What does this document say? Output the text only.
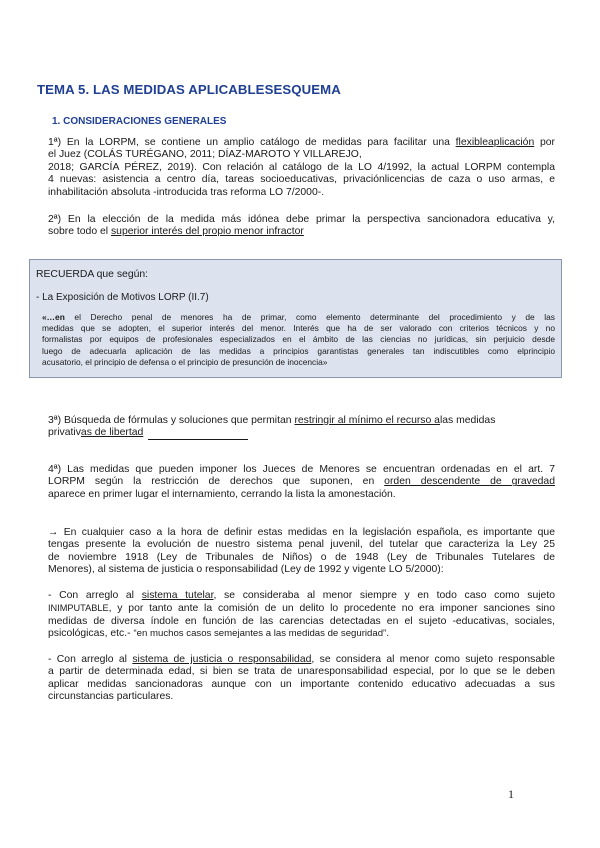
TEMA 5. LAS MEDIDAS APLICABLESESQUEMA
1. CONSIDERACIONES GENERALES
1ª) En la LORPM, se contiene un amplio catálogo de medidas para facilitar una flexibleaplicación por
el Juez (COLÁS TURÉGANO, 2011; DÍAZ-MAROTO Y VILLAREJO,
2018; GARCÍA PÉREZ, 2019). Con relación al catálogo de la LO 4/1992, la actual LORPM contempla
4 nuevas: asistencia a centro día, tareas socioeducativas, privaciónlicencias de caza o uso armas, e
inhabilitación absoluta -introducida tras reforma LO 7/2000-.
2ª) En la elección de la medida más idónea debe primar la perspectiva sancionadora educativa y,
sobre todo el superior interés del propio menor infractor
RECUERDA que según:
- La Exposición de Motivos LORP (II.7)
«…en el Derecho penal de menores ha de primar, como elemento determinante del procedimiento y de las
medidas que se adopten, el superior interés del menor. Interés que ha de ser valorado con criterios técnicos y no
formalistas por equipos de profesionales especializados en el ámbito de las ciencias no jurídicas, sin perjuicio desde
luego de adecuarla aplicación de las medidas a principios garantistas generales tan indiscutibles como elprincipio
acusatorio, el principio de defensa o el principio de presunción de inocencia»
3ª) Búsqueda de fórmulas y soluciones que permitan restringir al mínimo el recurso alas medidas
privativas de libertad
4ª) Las medidas que pueden imponer los Jueces de Menores se encuentran ordenadas en el art. 7
LORPM según la restricción de derechos que suponen, en orden descendente de gravedad
aparece en primer lugar el internamiento, cerrando la lista la amonestación.
→ En cualquier caso a la hora de definir estas medidas en la legislación española, es importante que
tengas presente la evolución de nuestro sistema penal juvenil, del tutelar que caracteriza la Ley 25
de noviembre 1918 (Ley de Tribunales de Niños) o de 1948 (Ley de Tribunales Tutelares de
Menores), al sistema de justicia o responsabilidad (Ley de 1992 y vigente LO 5/2000):
- Con arreglo al sistema tutelar, se consideraba al menor siempre y en todo caso como sujeto
INIMPUTABLE, y por tanto ante la comisión de un delito lo procedente no era imponer sanciones sino
medidas de diversa índole en función de las carencias detectadas en el sujeto -educativas, sociales,
psicológicas, etc.- “en muchos casos semejantes a las medidas de seguridad”.
- Con arreglo al sistema de justicia o responsabilidad, se considera al menor como sujeto responsable
a partir de determinada edad, si bien se trata de unaresponsabilidad especial, por lo que se le deben
aplicar medidas sancionadoras aunque con un importante contenido educativo adecuadas a sus
circunstancias particulares.
1
